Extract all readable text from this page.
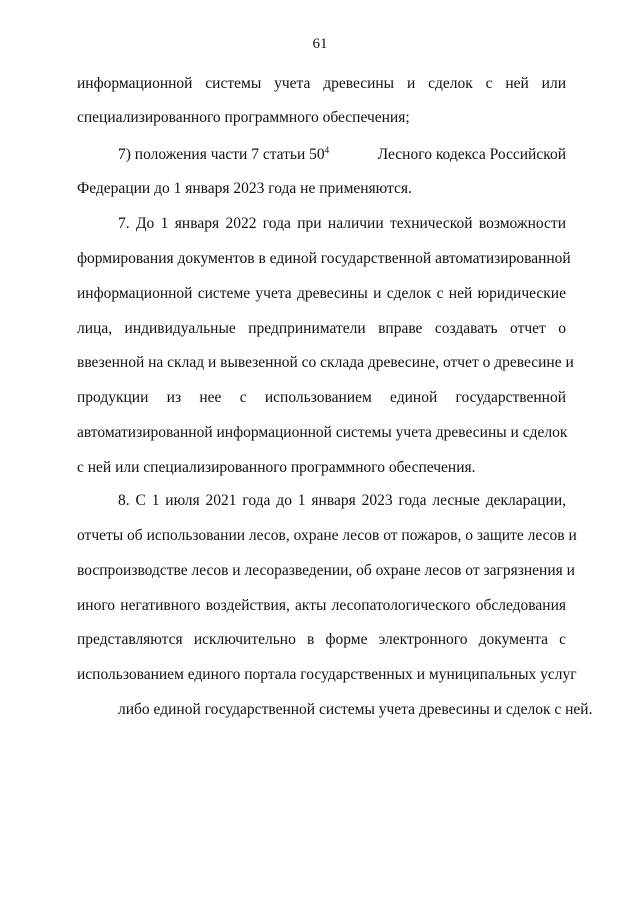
61
информационной системы учета древесины и сделок с ней или
специализированного программного обеспечения;
7) положения части 7 статьи $50^4$	Лесного кодекса Российской
Федерации до 1 января 2023 года не применяются.
7. До 1 января 2022 года при наличии технической возможности
формирования документов в единой государственной автоматизированной
информационной системе учета древесины и сделок с ней юридические
лица, индивидуальные предприниматели вправе создавать отчет о
ввезенной на склад и вывезенной со склада древесине, отчет о древесине и
продукции из нее с использованием единой государственной
автоматизированной информационной системы учета древесины и сделок
с ней или специализированного программного обеспечения.
8. С 1 июля 2021 года до 1 января 2023 года лесные декларации,
отчеты об использовании лесов, охране лесов от пожаров, о защите лесов и
воспроизводстве лесов и лесоразведении, об охране лесов от загрязнения и
иного негативного воздействия, акты лесопатологического обследования
представляются исключительно в форме электронного документа с
использованием единого портала государственных и муниципальных услуг
либо единой государственной системы учета древесины и сделок с ней.
